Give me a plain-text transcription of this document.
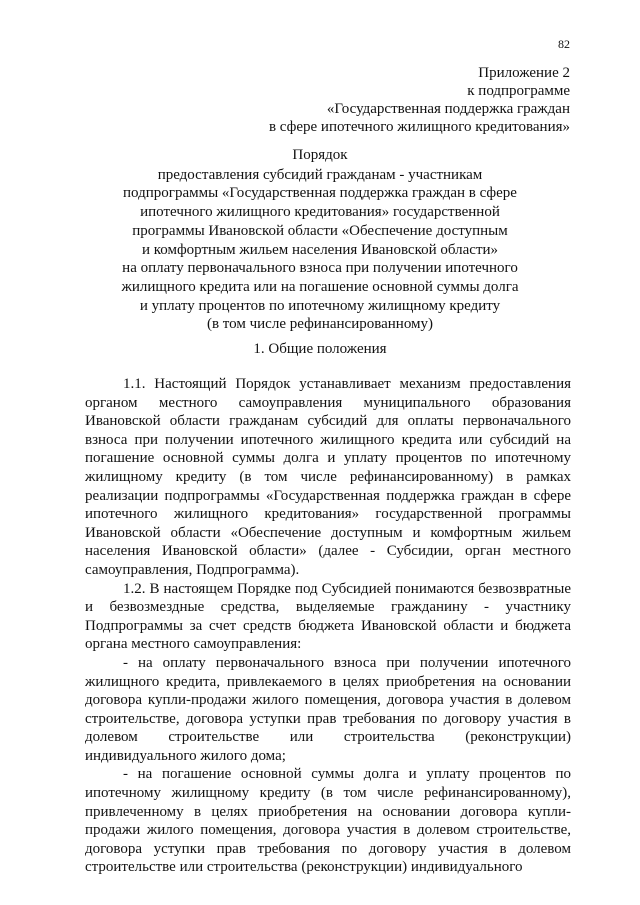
82
Приложение 2
к подпрограмме
«Государственная поддержка граждан
в сфере ипотечного жилищного кредитования»
Порядок
предоставления субсидий гражданам - участникам
подпрограммы «Государственная поддержка граждан в сфере
ипотечного жилищного кредитования» государственной
программы Ивановской области «Обеспечение доступным
и комфортным жильем населения Ивановской области»
на оплату первоначального взноса при получении ипотечного
жилищного кредита или на погашение основной суммы долга
и уплату процентов по ипотечному жилищному кредиту
(в том числе рефинансированному)
1. Общие положения

1.1. Настоящий Порядок устанавливает механизм предоставления органом местного самоуправления муниципального образования Ивановской области гражданам субсидий для оплаты первоначального взноса при получении ипотечного жилищного кредита или субсидий на погашение основной суммы долга и уплату процентов по ипотечному жилищному кредиту (в том числе рефинансированному) в рамках реализации подпрограммы «Государственная поддержка граждан в сфере ипотечного жилищного кредитования» государственной программы Ивановской области «Обеспечение доступным и комфортным жильем населения Ивановской области» (далее - Субсидии, орган местного самоуправления, Подпрограмма).

1.2. В настоящем Порядке под Субсидией понимаются безвозвратные и безвозмездные средства, выделяемые гражданину - участнику Подпрограммы за счет средств бюджета Ивановской области и бюджета органа местного самоуправления:

- на оплату первоначального взноса при получении ипотечного жилищного кредита, привлекаемого в целях приобретения на основании договора купли-продажи жилого помещения, договора участия в долевом строительстве, договора уступки прав требования по договору участия в долевом строительстве или строительства (реконструкции) индивидуального жилого дома;

- на погашение основной суммы долга и уплату процентов по ипотечному жилищному кредиту (в том числе рефинансированному), привлеченному в целях приобретения на основании договора купли-продажи жилого помещения, договора участия в долевом строительстве, договора уступки прав требования по договору участия в долевом строительстве или строительства (реконструкции) индивидуального
